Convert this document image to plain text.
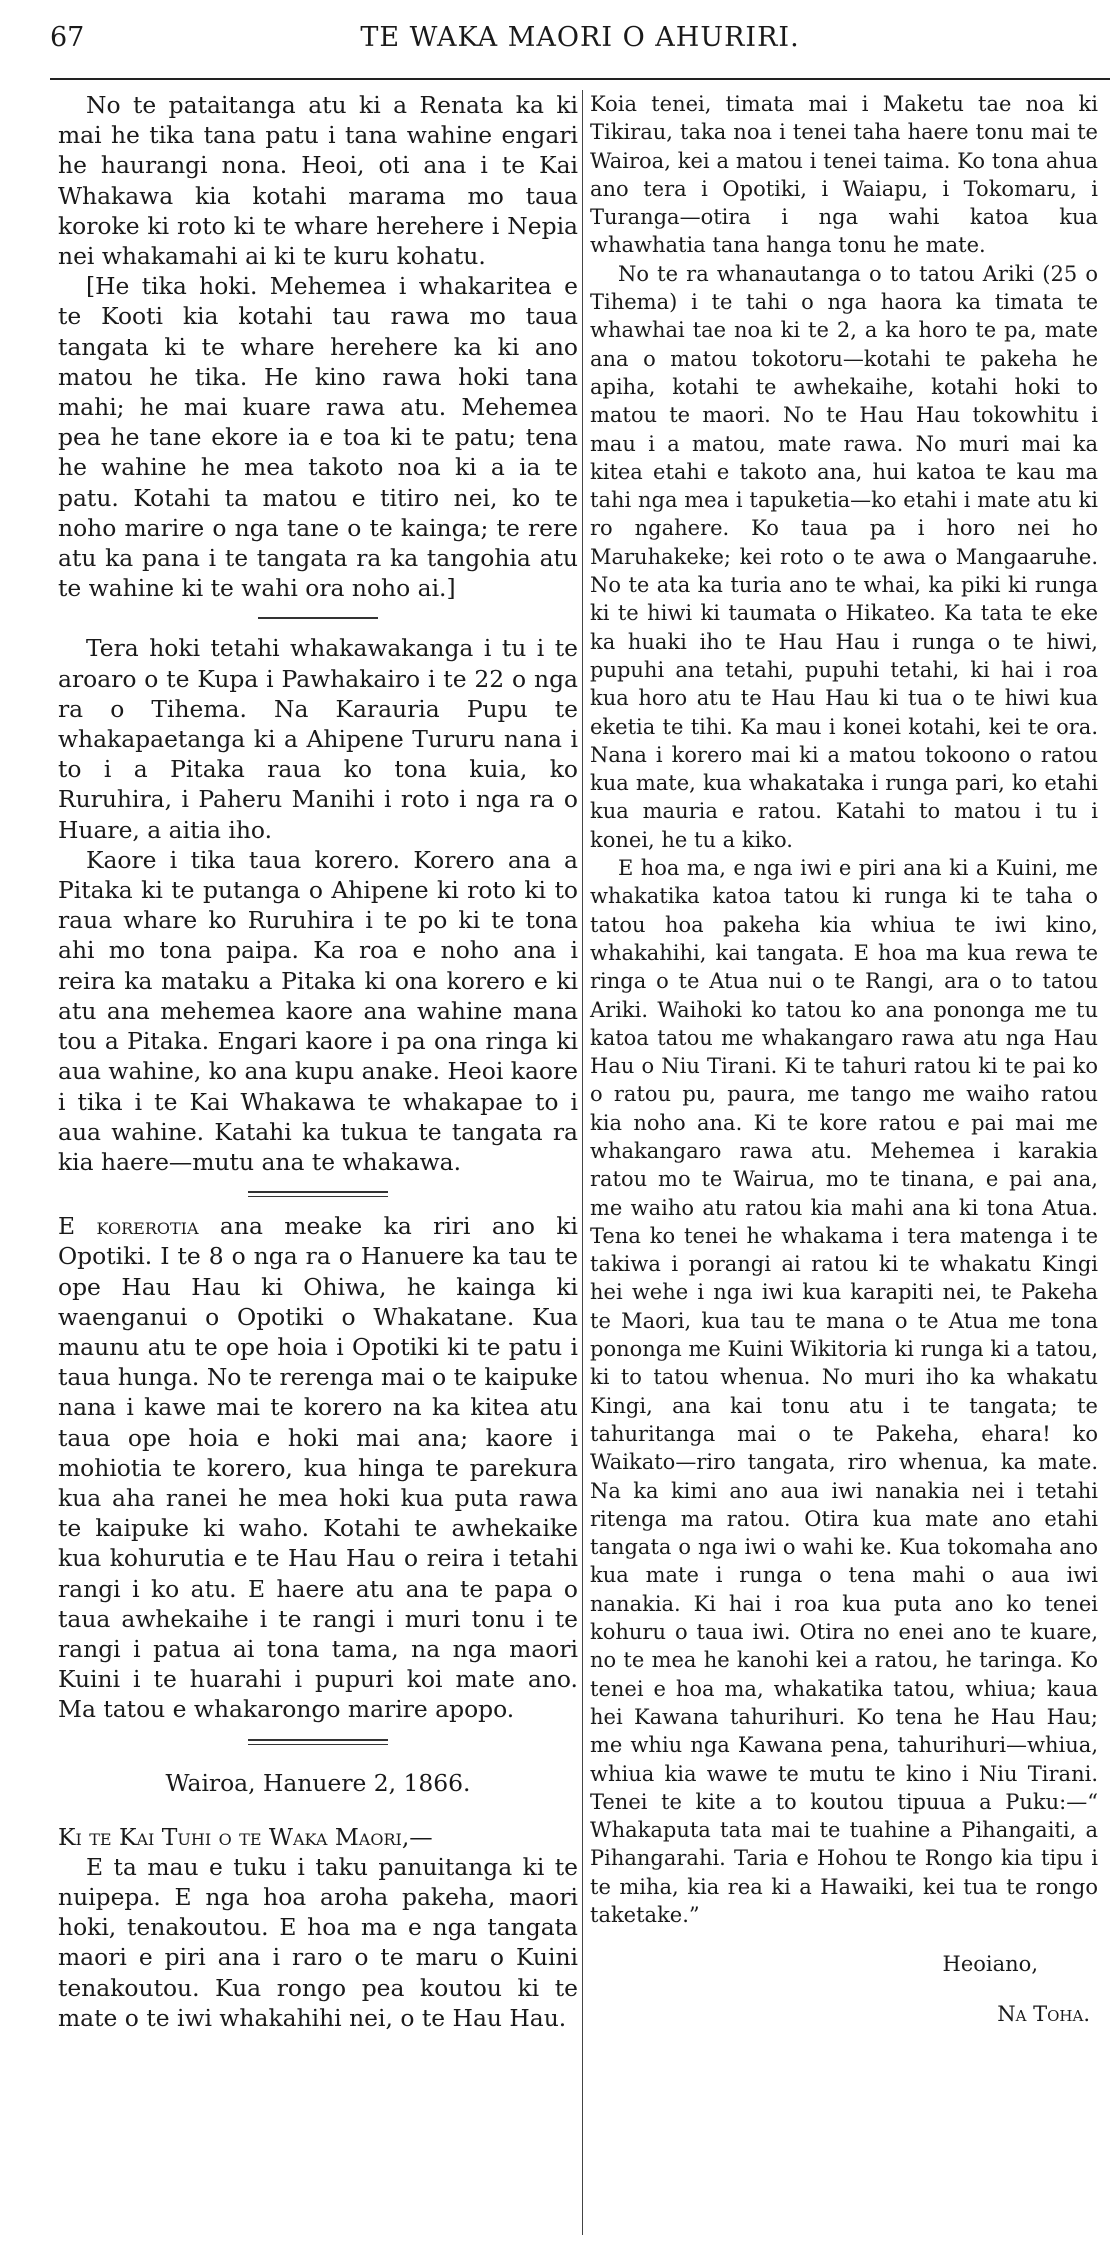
67	TE WAKA MAORI O AHURIRI.

No te pataitanga atu ki a Renata ka ki mai he tika tana patu i tana wahine engari he haurangi nona. Heoi, oti ana i te Kai Whakawa kia kotahi marama mo taua koroke ki roto ki te whare herehere i Nepia nei whakamahi ai ki te kuru kohatu.

[He tika hoki. Mehemea i whakaritea e te Kooti kia kotahi tau rawa mo taua tangata ki te whare herehere ka ki ano matou he tika. He kino rawa hoki tana mahi; he mai kuare rawa atu. Mehemea pea he tane ekore ia e toa ki te patu; tena he wahine he mea takoto noa ki a ia te patu. Kotahi ta matou e titiro nei, ko te noho marire o nga tane o te kainga; te rere atu ka pana i te tangata ra ka tangohia atu te wahine ki te wahi ora noho ai.]

Tera hoki tetahi whakawakanga i tu i te aroaro o te Kupa i Pawhakairo i te 22 o nga ra o Tihema. Na Karauria Pupu te whakapaetanga ki a Ahipene Tururu nana i to i a Pitaka raua ko tona kuia, ko Ruruhira, i Paheru Manihi i roto i nga ra o Huare, a aitia iho.

Kaore i tika taua korero. Korero ana a Pitaka ki te putanga o Ahipene ki roto ki to raua whare ko Ruruhira i te po ki te tona ahi mo tona paipa. Ka roa e noho ana i reira ka mataku a Pitaka ki ona korero e ki atu ana mehemea kaore ana wahine mana tou a Pitaka. Engari kaore i pa ona ringa ki aua wahine, ko ana kupu anake. Heoi kaore i tika i te Kai Whakawa te whakapae to i aua wahine. Katahi ka tukua te tangata ra kia haere—mutu ana te whakawa.

E korerotia ana meake ka riri ano ki Opotiki. I te 8 o nga ra o Hanuere ka tau te ope Hau Hau ki Ohiwa, he kainga ki waenganui o Opotiki o Whakatane. Kua maunu atu te ope hoia i Opotiki ki te patu i taua hunga. No te rerenga mai o te kaipuke nana i kawe mai te korero na ka kitea atu taua ope hoia e hoki mai ana; kaore i mohiotia te korero, kua hinga te parekura kua aha ranei he mea hoki kua puta rawa te kaipuke ki waho. Kotahi te awhekaike kua kohurutia e te Hau Hau o reira i tetahi rangi i ko atu. E haere atu ana te papa o taua awhekaihe i te rangi i muri tonu i te rangi i patua ai tona tama, na nga maori Kuini i te huarahi i pupuri koi mate ano. Ma tatou e whakarongo marire apopo.

Wairoa, Hanuere 2, 1866.

Ki te Kai Tuhi o te Waka Maori,—

E ta mau e tuku i taku panuitanga ki te nuipepa. E nga hoa aroha pakeha, maori hoki, tenakoutou. E hoa ma e nga tangata maori e piri ana i raro o te maru o Kuini tenakoutou. Kua rongo pea koutou ki te mate o te iwi whakahihi nei, o te Hau Hau.

Koia tenei, timata mai i Maketu tae noa ki Tikirau, taka noa i tenei taha haere tonu mai te Wairoa, kei a matou i tenei taima. Ko tona ahua ano tera i Opotiki, i Waiapu, i Tokomaru, i Turanga—otira i nga wahi katoa kua whawhatia tana hanga tonu he mate.

No te ra whanautanga o to tatou Ariki (25 o Tihema) i te tahi o nga haora ka timata te whawhai tae noa ki te 2, a ka horo te pa, mate ana o matou tokotoru—kotahi te pakeha he apiha, kotahi te awhekaihe, kotahi hoki to matou te maori. No te Hau Hau tokowhitu i mau i a matou, mate rawa. No muri mai ka kitea etahi e takoto ana, hui katoa te kau ma tahi nga mea i tapuketia—ko etahi i mate atu ki ro ngahere. Ko taua pa i horo nei ho Maruhakeke; kei roto o te awa o Mangaaruhe. No te ata ka turia ano te whai, ka piki ki runga ki te hiwi ki taumata o Hikateo. Ka tata te eke ka huaki iho te Hau Hau i runga o te hiwi, pupuhi ana tetahi, pupuhi tetahi, ki hai i roa kua horo atu te Hau Hau ki tua o te hiwi kua eketia te tihi. Ka mau i konei kotahi, kei te ora. Nana i korero mai ki a matou tokoono o ratou kua mate, kua whakataka i runga pari, ko etahi kua mauria e ratou. Katahi to matou i tu i konei, he tu a kiko.

E hoa ma, e nga iwi e piri ana ki a Kuini, me whakatika katoa tatou ki runga ki te taha o tatou hoa pakeha kia whiua te iwi kino, whakahihi, kai tangata. E hoa ma kua rewa te ringa o te Atua nui o te Rangi, ara o to tatou Ariki. Waihoki ko tatou ko ana pononga me tu katoa tatou me whakangaro rawa atu nga Hau Hau o Niu Tirani. Ki te tahuri ratou ki te pai ko o ratou pu, paura, me tango me waiho ratou kia noho ana. Ki te kore ratou e pai mai me whakangaro rawa atu. Mehemea i karakia ratou mo te Wairua, mo te tinana, e pai ana, me waiho atu ratou kia mahi ana ki tona Atua. Tena ko tenei he whakama i tera matenga i te takiwa i porangi ai ratou ki te whakatu Kingi hei wehe i nga iwi kua karapiti nei, te Pakeha te Maori, kua tau te mana o te Atua me tona pononga me Kuini Wikitoria ki runga ki a tatou, ki to tatou whenua. No muri iho ka whakatu Kingi, ana kai tonu atu i te tangata; te tahuritanga mai o te Pakeha, ehara! ko Waikato—riro tangata, riro whenua, ka mate. Na ka kimi ano aua iwi nanakia nei i tetahi ritenga ma ratou. Otira kua mate ano etahi tangata o nga iwi o wahi ke. Kua tokomaha ano kua mate i runga o tena mahi o aua iwi nanakia. Ki hai i roa kua puta ano ko tenei kohuru o taua iwi. Otira no enei ano te kuare, no te mea he kanohi kei a ratou, he taringa. Ko tenei e hoa ma, whakatika tatou, whiua; kaua hei Kawana tahurihuri. Ko tena he Hau Hau; me whiu nga Kawana pena, tahurihuri—whiua, whiua kia wawe te mutu te kino i Niu Tirani. Tenei te kite a to koutou tipuua a Puku:—“ Whakaputa tata mai te tuahine a Pihangaiti, a Pihangarahi. Taria e Hohou te Rongo kia tipu i te miha, kia rea ki a Hawaiki, kei tua te rongo taketake.”

Heoiano,

Na Toha.
